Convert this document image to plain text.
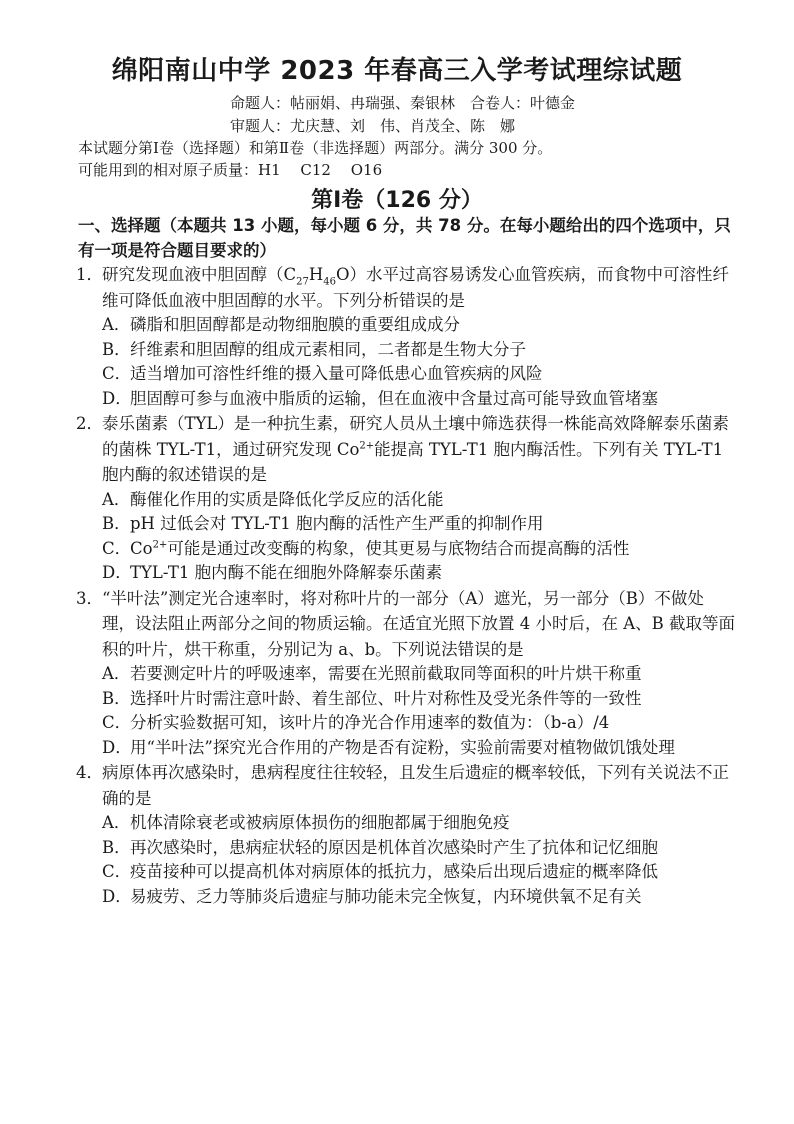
绵阳南山中学 2023 年春高三入学考试理综试题
命题人：帖丽娟、冉瑞强、秦银林　合卷人：叶德金
审题人：尤庆慧、刘　伟、肖茂全、陈　娜
本试题分第Ⅰ卷（选择题）和第Ⅱ卷（非选择题）两部分。满分 300 分。
可能用到的相对原子质量：H1　 C12　 O16
第Ⅰ卷（126 分）
一、选择题（本题共 13 小题，每小题 6 分，共 78 分。在每小题给出的四个选项中，只有一项是符合题目要求的）
1．研究发现血液中胆固醇$(C_{27}H_{46}O)$水平过高容易诱发心血管疾病，而食物中可溶性纤维可降低血液中胆固醇的水平。下列分析错误的是
A．磷脂和胆固醇都是动物细胞膜的重要组成成分
B．纤维素和胆固醇的组成元素相同，二者都是生物大分子
C．适当增加可溶性纤维的摄入量可降低患心血管疾病的风险
D．胆固醇可参与血液中脂质的运输，但在血液中含量过高可能导致血管堵塞
2．泰乐菌素（TYL）是一种抗生素，研究人员从土壤中筛选获得一株能高效降解泰乐菌素的菌株 TYL-T1，通过研究发现 $Co^{2+}$能提高 TYL-T1 胞内酶活性。下列有关 TYL-T1 胞内酶的叙述错误的是
A．酶催化作用的实质是降低化学反应的活化能
B．pH 过低会对 TYL-T1 胞内酶的活性产生严重的抑制作用
C．$Co^{2+}$可能是通过改变酶的构象，使其更易与底物结合而提高酶的活性
D．TYL-T1 胞内酶不能在细胞外降解泰乐菌素
3．“半叶法”测定光合速率时，将对称叶片的一部分（A）遮光，另一部分（B）不做处理，设法阻止两部分之间的物质运输。在适宜光照下放置 4 小时后，在 A、B 截取等面积的叶片，烘干称重，分别记为 a、b。下列说法错误的是
A．若要测定叶片的呼吸速率，需要在光照前截取同等面积的叶片烘干称重
B．选择叶片时需注意叶龄、着生部位、叶片对称性及受光条件等的一致性
C．分析实验数据可知，该叶片的净光合作用速率的数值为：（b-a）/4
D．用“半叶法”探究光合作用的产物是否有淀粉，实验前需要对植物做饥饿处理
4．病原体再次感染时，患病程度往往较轻，且发生后遗症的概率较低，下列有关说法不正确的是
A．机体清除衰老或被病原体损伤的细胞都属于细胞免疫
B．再次感染时，患病症状轻的原因是机体首次感染时产生了抗体和记忆细胞
C．疫苗接种可以提高机体对病原体的抵抗力，感染后出现后遗症的概率降低
D．易疲劳、乏力等肺炎后遗症与肺功能未完全恢复，内环境供氧不足有关
